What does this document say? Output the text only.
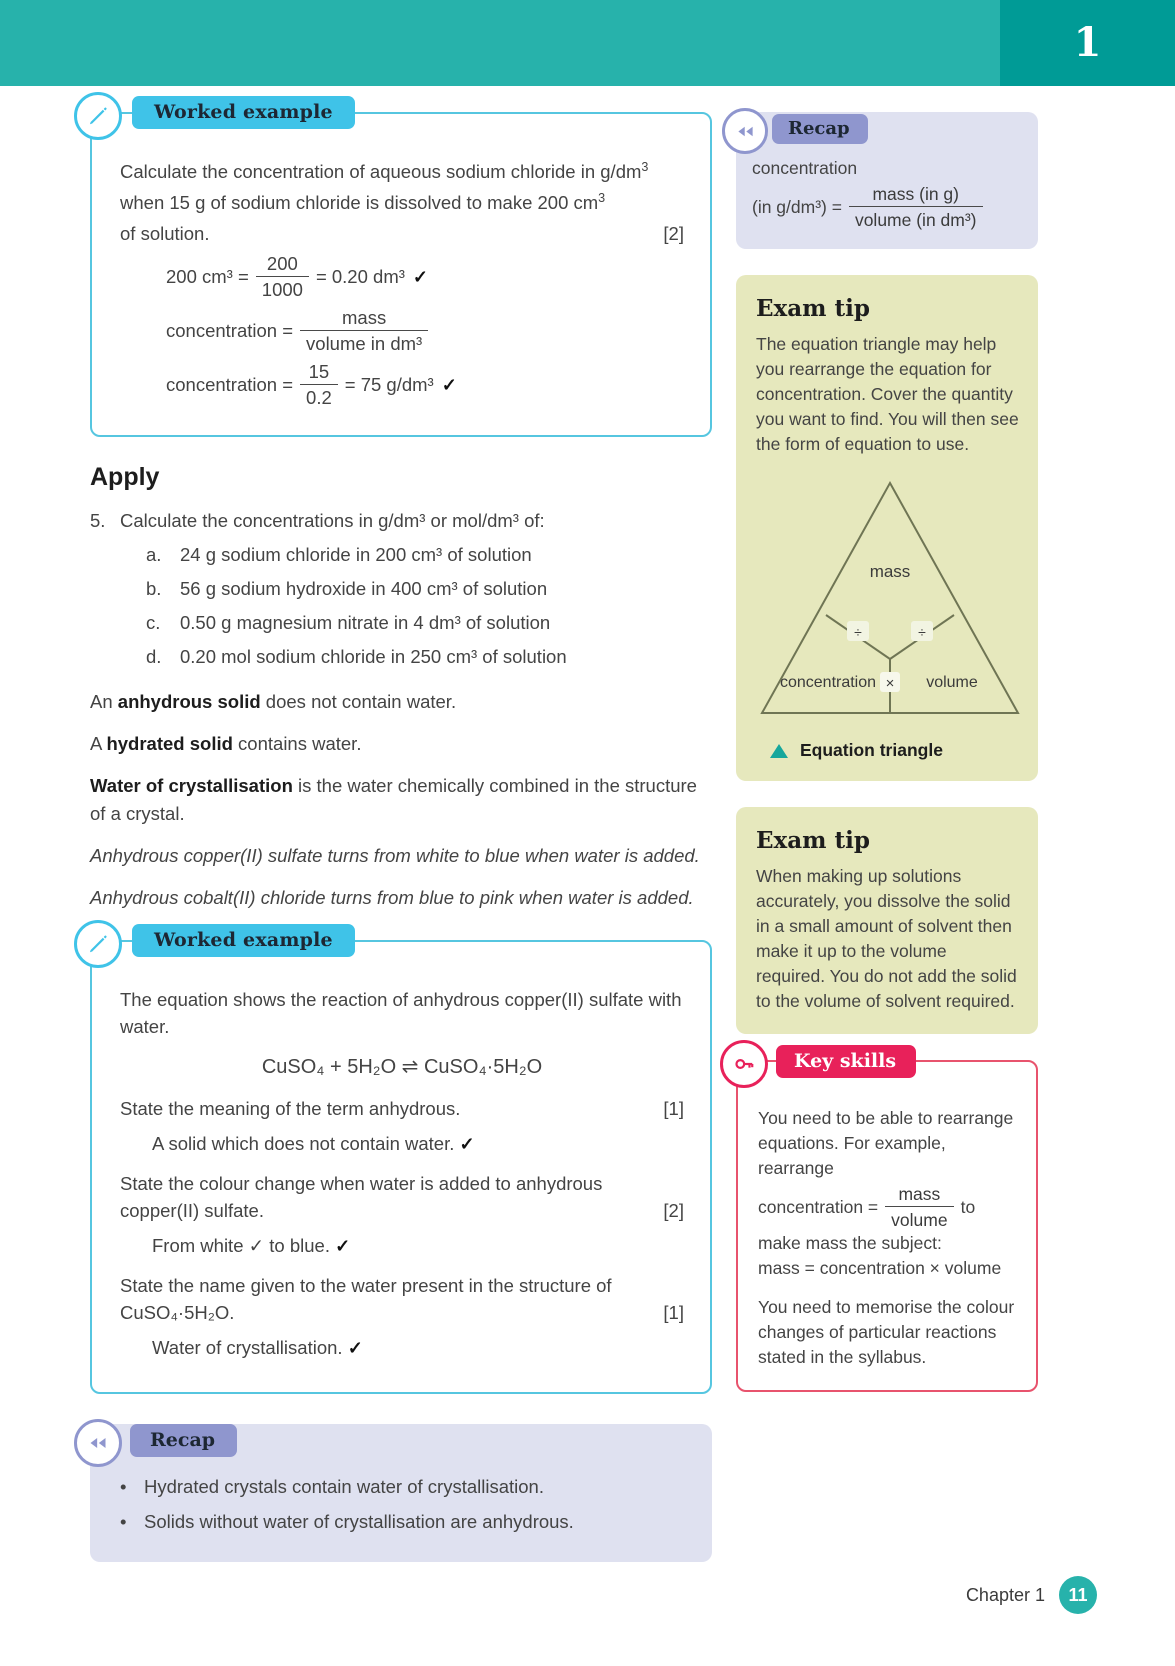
1
Worked example
Calculate the concentration of aqueous sodium chloride in $g/dm^3$
when 15 g of sodium chloride is dissolved to make 200 $cm^3$
of solution.	[2]
200 $cm^3 = \frac{200}{1000} = 0.20$ dm³ ✓
concentration = $\frac{\text{mass}}{\text{volume in dm³}}$
concentration = $\frac{15}{0.2} = 75$ g/dm³ ✓
Apply
5. Calculate the concentrations in g/dm³ or mol/dm³ of:
a.	24 g sodium chloride in 200 cm³ of solution
b.	56 g sodium hydroxide in 400 cm³ of solution
c.	0.50 g magnesium nitrate in 4 dm³ of solution
d.	0.20 mol sodium chloride in 250 cm³ of solution

An anhydrous solid does not contain water.

A hydrated solid contains water.

Water of crystallisation is the water chemically combined in the structure of a crystal.

Anhydrous copper(II) sulfate turns from white to blue when water is added.

Anhydrous cobalt(II) chloride turns from blue to pink when water is added.

Worked example
The equation shows the reaction of anhydrous copper(II) sulfate with water.
CuSO₄ + 5H₂O ⇌ CuSO₄·5H₂O
State the meaning of the term anhydrous.	[1]
A solid which does not contain water. ✓
State the colour change when water is added to anhydrous copper(II) sulfate.	[2]
From white ✓ to blue. ✓
State the name given to the water present in the structure of CuSO₄·5H₂O.	[1]
Water of crystallisation. ✓
Recap
• Hydrated crystals contain water of crystallisation.
• Solids without water of crystallisation are anhydrous.
Recap
concentration
(in $g/dm^3) = \frac{\text{mass (in g)}}{\text{volume (in dm³)}}$
Exam tip
The equation triangle may help you rearrange the equation for concentration. Cover the quantity you want to find. You will then see the form of equation to use.
mass
÷	÷
concentration × volume
Equation triangle
Exam tip
When making up solutions accurately, you dissolve the solid in a small amount of solvent then make it up to the volume required. You do not add the solid to the volume of solvent required.
Key skills
You need to be able to rearrange equations. For example, rearrange
concentration = $\frac{\text{mass}}{\text{volume}}$ to
make mass the subject:
mass = concentration × volume
You need to memorise the colour changes of particular reactions stated in the syllabus.
Chapter 1	11
